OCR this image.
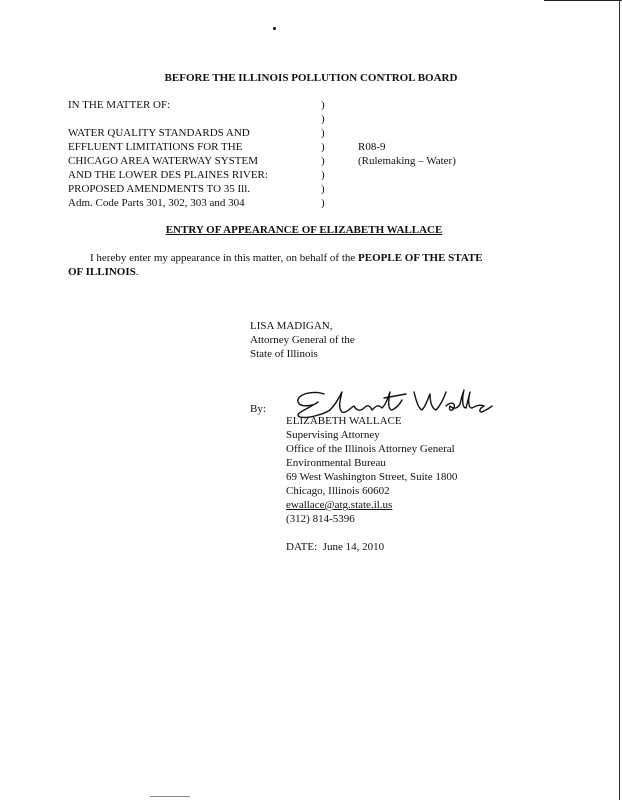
BEFORE THE ILLINOIS POLLUTION CONTROL BOARD
IN THE MATTER OF:
WATER QUALITY STANDARDS AND
EFFLUENT LIMITATIONS FOR THE
CHICAGO AREA WATERWAY SYSTEM
AND THE LOWER DES PLAINES RIVER:
PROPOSED AMENDMENTS TO 35 Ill.
Adm. Code Parts 301, 302, 303 and 304
)
)
)
)
)
)
)
)
R08-9
(Rulemaking – Water)
ENTRY OF APPEARANCE OF ELIZABETH WALLACE
I hereby enter my appearance in this matter, on behalf of the PEOPLE OF THE STATE
OF ILLINOIS.
LISA MADIGAN,
Attorney General of the
State of Illinois
By:
ELIZABETH WALLACE
Supervising Attorney
Office of the Illinois Attorney General
Environmental Bureau
69 West Washington Street, Suite 1800
Chicago, Illinois 60602
ewallace@atg.state.il.us
(312) 814-5396
DATE: June 14, 2010
